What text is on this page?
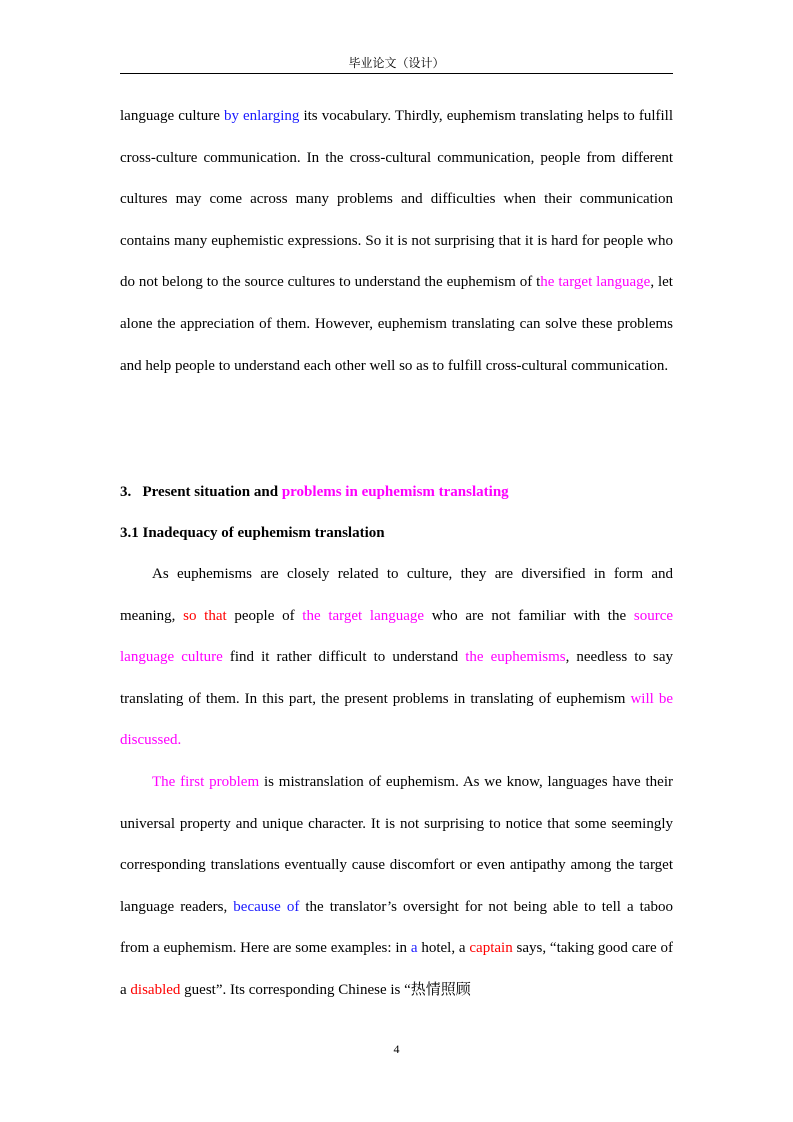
毕业论文（设计）

language culture by enlarging its vocabulary. Thirdly, euphemism translating helps to fulfill cross-culture communication. In the cross-cultural communication, people from different cultures may come across many problems and difficulties when their communication contains many euphemistic expressions. So it is not surprising that it is hard for people who do not belong to the source cultures to understand the euphemism of the target language, let alone the appreciation of them. However, euphemism translating can solve these problems and help people to understand each other well so as to fulfill cross-cultural communication.

3. Present situation and problems in euphemism translating

3.1 Inadequacy of euphemism translation

As euphemisms are closely related to culture, they are diversified in form and meaning, so that people of the target language who are not familiar with the source language culture find it rather difficult to understand the euphemisms, needless to say translating of them. In this part, the present problems in translating of euphemism will be discussed.

The first problem is mistranslation of euphemism. As we know, languages have their universal property and unique character. It is not surprising to notice that some seemingly corresponding translations eventually cause discomfort or even antipathy among the target language readers, because of the translator’s oversight for not being able to tell a taboo from a euphemism. Here are some examples: in a hotel, a captain says, “taking good care of a disabled guest”. Its corresponding Chinese is “热情照顾

4
